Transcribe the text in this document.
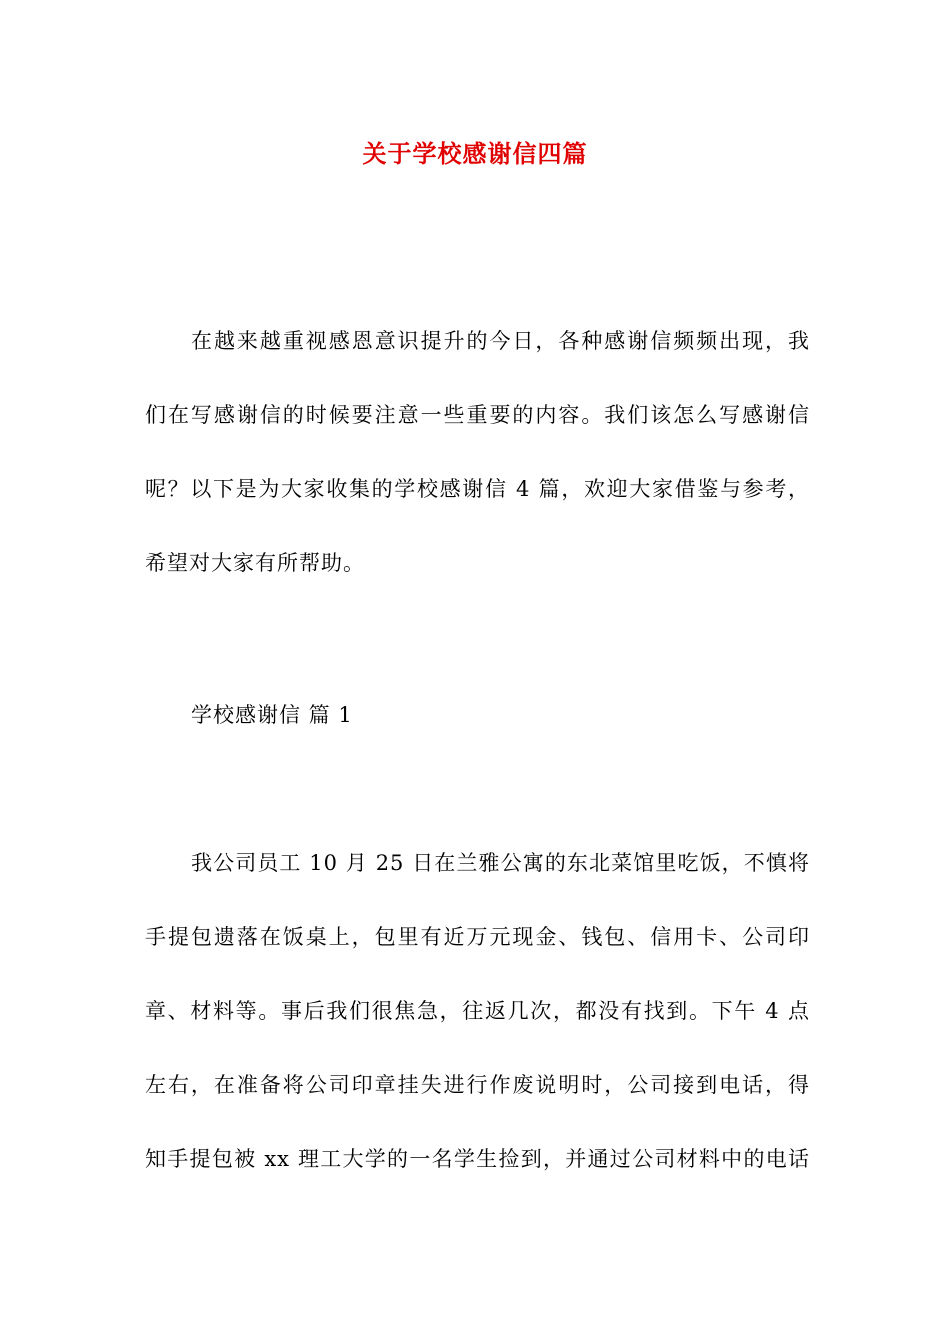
关于学校感谢信四篇
在越来越重视感恩意识提升的今日，各种感谢信频频出现，我
们在写感谢信的时候要注意一些重要的内容。我们该怎么写感谢信
呢？以下是为大家收集的学校感谢信 4 篇，欢迎大家借鉴与参考，
希望对大家有所帮助。
学校感谢信 篇 1
我公司员工 10 月 25 日在兰雅公寓的东北菜馆里吃饭，不慎将
手提包遗落在饭桌上，包里有近万元现金、钱包、信用卡、公司印
章、材料等。事后我们很焦急，往返几次，都没有找到。下午 4 点
左右，在准备将公司印章挂失进行作废说明时，公司接到电话，得
知手提包被 xx 理工大学的一名学生捡到，并通过公司材料中的电话
